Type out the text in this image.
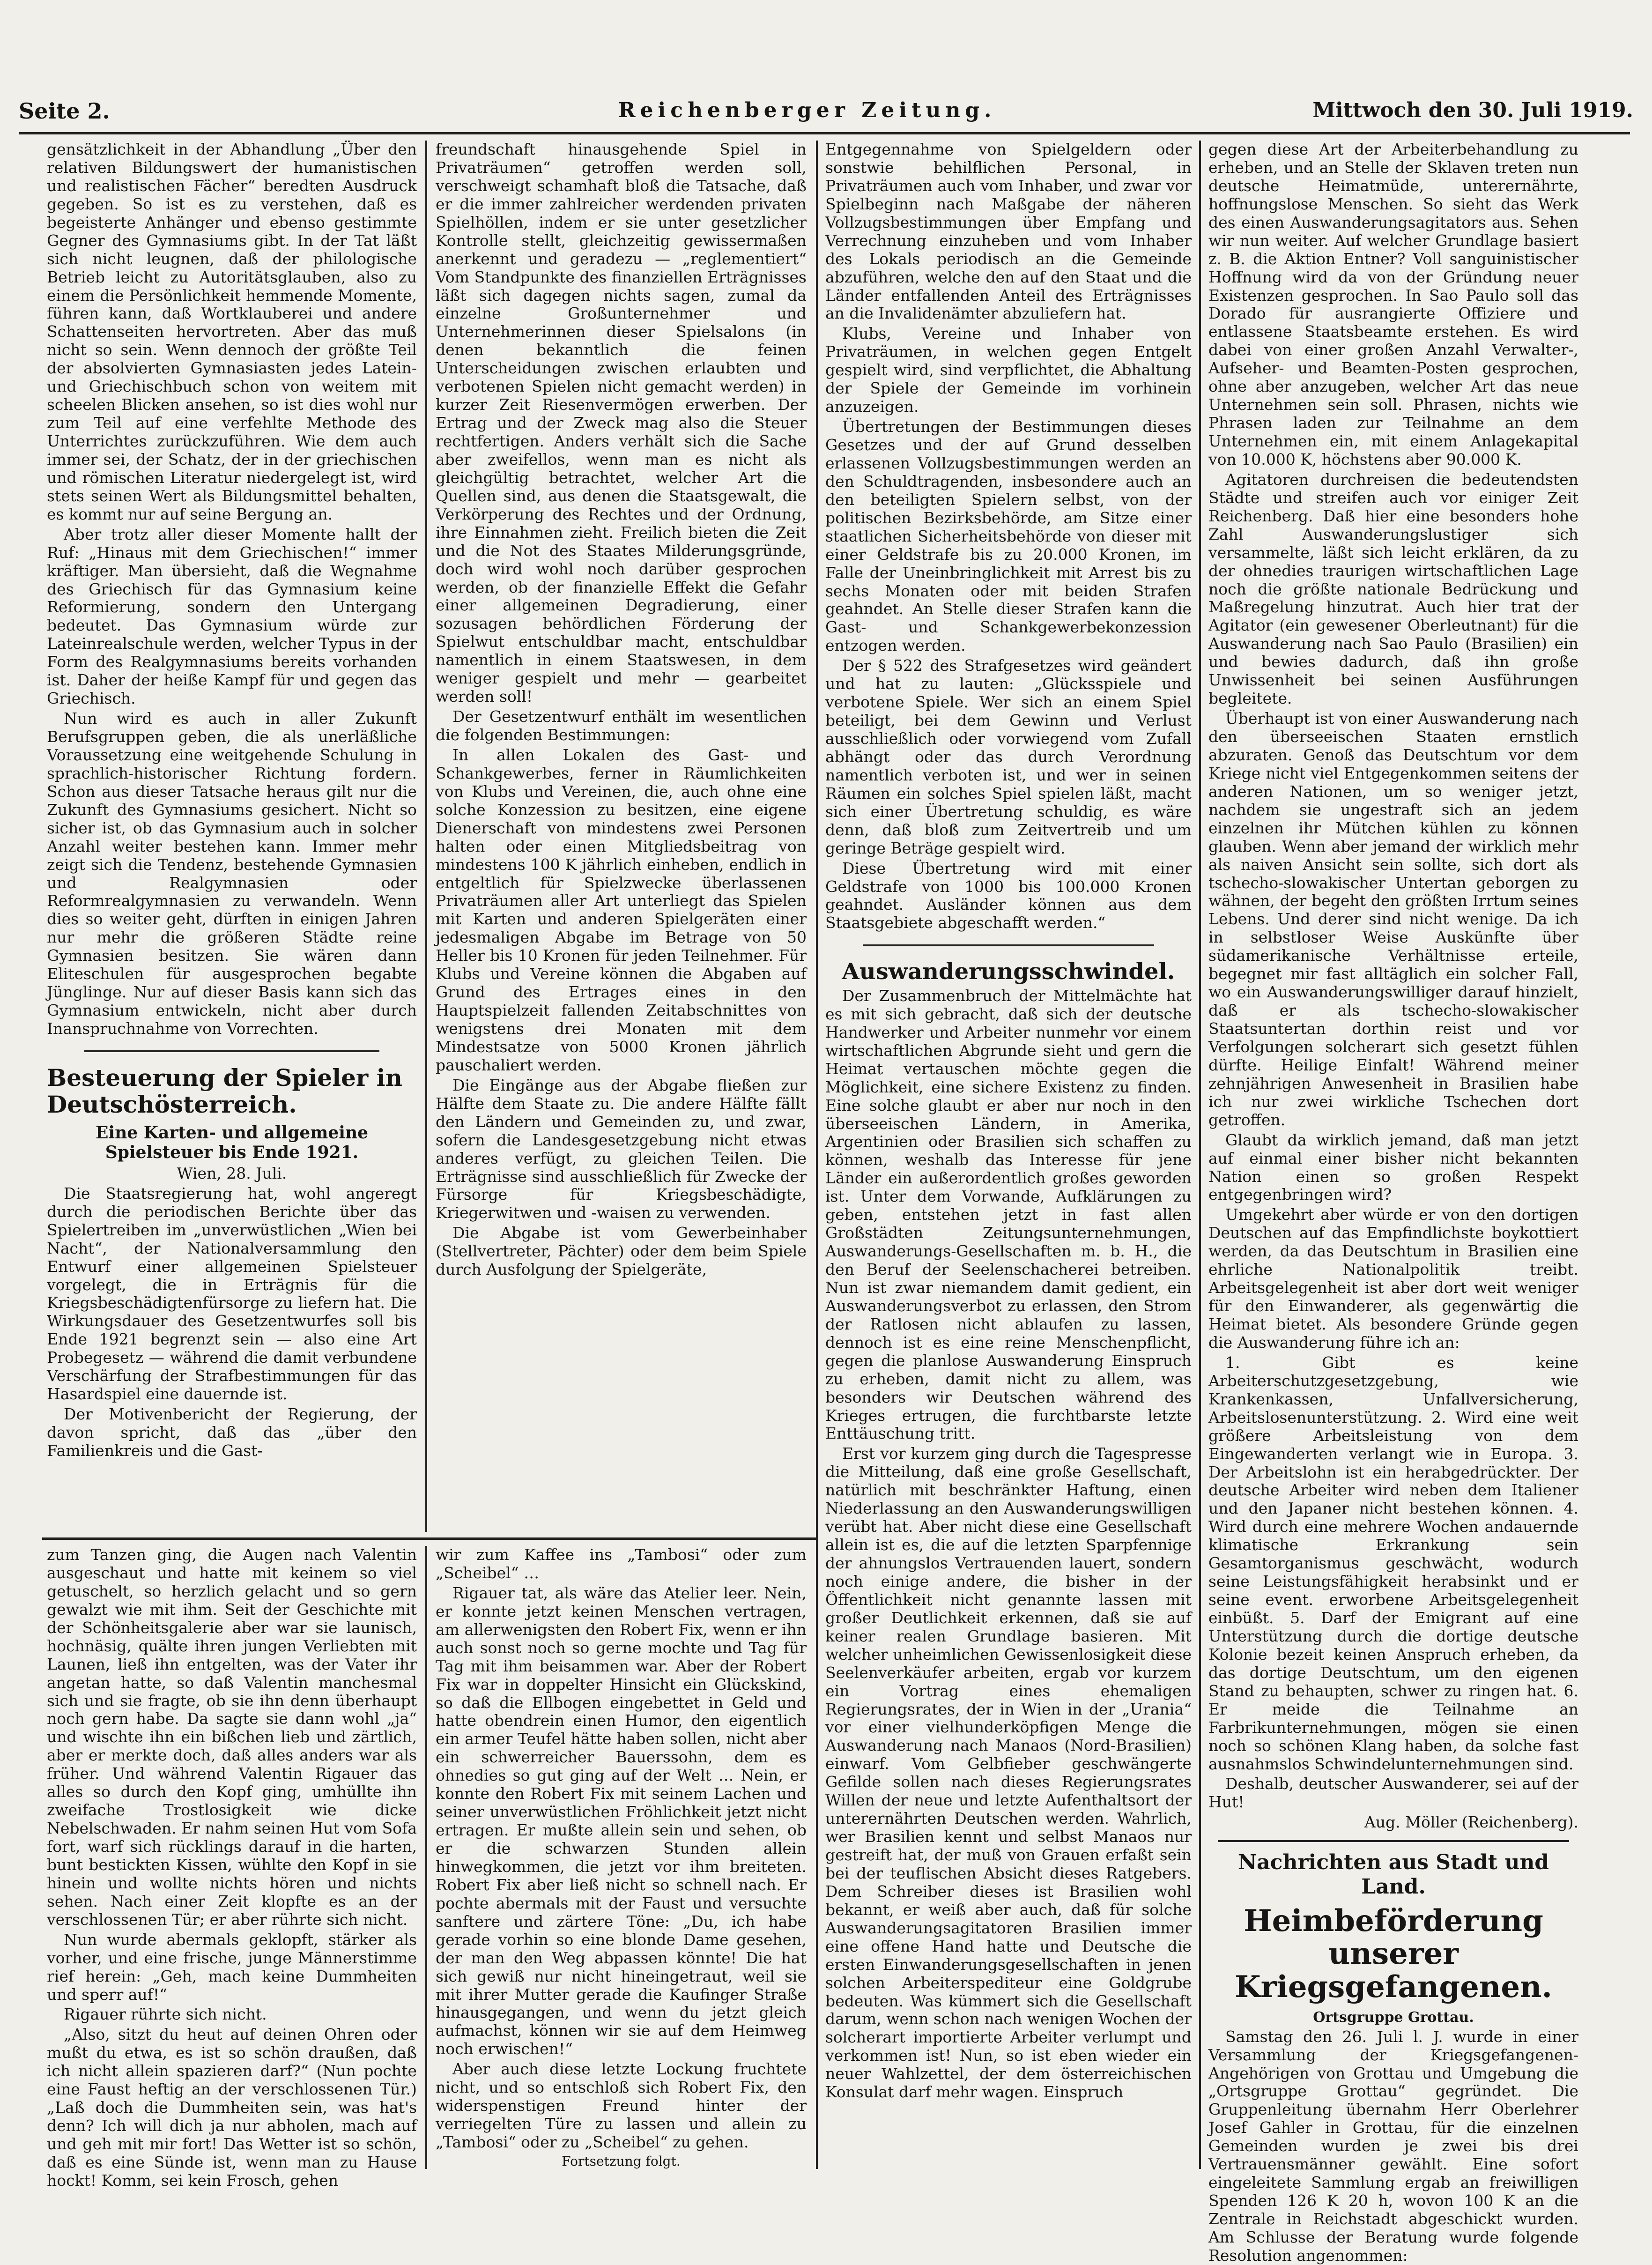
Seite 2.	Reichenberger Zeitung.	Mittwoch den 30. Juli 1919.

gensätzlichkeit in der Abhandlung „Über den relativen Bildungswert der humanistischen und realistischen Fächer“ beredten Ausdruck gegeben. So ist es zu verstehen, daß es begeisterte Anhänger und ebenso gestimmte Gegner des Gymnasiums gibt. In der Tat läßt sich nicht leugnen, daß der philologische Betrieb leicht zu Autoritätsglauben, also zu einem die Persönlichkeit hemmende Momente, führen kann, daß Wortklauberei und andere Schattenseiten hervortreten. Aber das muß nicht so sein. Wenn dennoch der größte Teil der absolvierten Gymnasiasten jedes Latein- und Griechischbuch schon von weitem mit scheelen Blicken ansehen, so ist dies wohl nur zum Teil auf eine verfehlte Methode des Unterrichtes zurückzuführen. Wie dem auch immer sei, der Schatz, der in der griechischen und römischen Literatur niedergelegt ist, wird stets seinen Wert als Bildungsmittel behalten, es kommt nur auf seine Bergung an.

Aber trotz aller dieser Momente hallt der Ruf: „Hinaus mit dem Griechischen!“ immer kräftiger. Man übersieht, daß die Wegnahme des Griechisch für das Gymnasium keine Reformierung, sondern den Untergang bedeutet. Das Gymnasium würde zur Lateinrealschule werden, welcher Typus in der Form des Realgymnasiums bereits vorhanden ist. Daher der heiße Kampf für und gegen das Griechisch.

Nun wird es auch in aller Zukunft Berufsgruppen geben, die als unerläßliche Voraussetzung eine weitgehende Schulung in sprachlich-historischer Richtung fordern. Schon aus dieser Tatsache heraus gilt nur die Zukunft des Gymnasiums gesichert. Nicht so sicher ist, ob das Gymnasium auch in solcher Anzahl weiter bestehen kann. Immer mehr zeigt sich die Tendenz, bestehende Gymnasien und Realgymnasien oder Reformrealgymnasien zu verwandeln. Wenn dies so weiter geht, dürften in einigen Jahren nur mehr die größeren Städte reine Gymnasien besitzen. Sie wären dann Eliteschulen für ausgesprochen begabte Jünglinge. Nur auf dieser Basis kann sich das Gymnasium entwickeln, nicht aber durch Inanspruchnahme von Vorrechten.

Besteuerung der Spieler in Deutschösterreich.

Eine Karten- und allgemeine Spielsteuer bis Ende 1921.

Wien, 28. Juli.

Die Staatsregierung hat, wohl angeregt durch die periodischen Berichte über das Spielertreiben im „unverwüstlichen „Wien bei Nacht“, der Nationalversammlung den Entwurf einer allgemeinen Spielsteuer vorgelegt, die in Erträgnis für die Kriegsbeschädigtenfürsorge zu liefern hat. Die Wirkungsdauer des Gesetzentwurfes soll bis Ende 1921 begrenzt sein — also eine Art Probegesetz — während die damit verbundene Verschärfung der Strafbestimmungen für das Hasardspiel eine dauernde ist.

Der Motivenbericht der Regierung, der davon spricht, daß das „über den Familienkreis und die Gast-

freundschaft hinausgehende Spiel in Privaträumen“ getroffen werden soll, verschweigt schamhaft bloß die Tatsache, daß er die immer zahlreicher werdenden privaten Spielhöllen, indem er sie unter gesetzlicher Kontrolle stellt, gleichzeitig gewissermaßen anerkennt und geradezu — „reglementiert“ Vom Standpunkte des finanziellen Erträgnisses läßt sich dagegen nichts sagen, zumal da einzelne Großunternehmer und Unternehmerinnen dieser Spielsalons (in denen bekanntlich die feinen Unterscheidungen zwischen erlaubten und verbotenen Spielen nicht gemacht werden) in kurzer Zeit Riesenvermögen erwerben. Der Ertrag und der Zweck mag also die Steuer rechtfertigen. Anders verhält sich die Sache aber zweifellos, wenn man es nicht als gleichgültig betrachtet, welcher Art die Quellen sind, aus denen die Staatsgewalt, die Verkörperung des Rechtes und der Ordnung, ihre Einnahmen zieht. Freilich bieten die Zeit und die Not des Staates Milderungsgründe, doch wird wohl noch darüber gesprochen werden, ob der finanzielle Effekt die Gefahr einer allgemeinen Degradierung, einer sozusagen behördlichen Förderung der Spielwut entschuldbar macht, entschuldbar namentlich in einem Staatswesen, in dem weniger gespielt und mehr — gearbeitet werden soll!

Der Gesetzentwurf enthält im wesentlichen die folgenden Bestimmungen:

In allen Lokalen des Gast- und Schankgewerbes, ferner in Räumlichkeiten von Klubs und Vereinen, die, auch ohne eine solche Konzession zu besitzen, eine eigene Dienerschaft von mindestens zwei Personen halten oder einen Mitgliedsbeitrag von mindestens 100 K jährlich einheben, endlich in entgeltlich für Spielzwecke überlassenen Privaträumen aller Art unterliegt das Spielen mit Karten und anderen Spielgeräten einer jedesmaligen Abgabe im Betrage von 50 Heller bis 10 Kronen für jeden Teilnehmer. Für Klubs und Vereine können die Abgaben auf Grund des Ertrages eines in den Hauptspielzeit fallenden Zeitabschnittes von wenigstens drei Monaten mit dem Mindestsatze von 5000 Kronen jährlich pauschaliert werden.

Die Eingänge aus der Abgabe fließen zur Hälfte dem Staate zu. Die andere Hälfte fällt den Ländern und Gemeinden zu, und zwar, sofern die Landesgesetzgebung nicht etwas anderes verfügt, zu gleichen Teilen. Die Erträgnisse sind ausschließlich für Zwecke der Fürsorge für Kriegsbeschädigte, Kriegerwitwen und -waisen zu verwenden.

Die Abgabe ist vom Gewerbeinhaber (Stellvertreter, Pächter) oder dem beim Spiele durch Ausfolgung der Spielgeräte,

Entgegennahme von Spielgeldern oder sonstwie behilflichen Personal, in Privaträumen auch vom Inhaber, und zwar vor Spielbeginn nach Maßgabe der näheren Vollzugsbestimmungen über Empfang und Verrechnung einzuheben und vom Inhaber des Lokals periodisch an die Gemeinde abzuführen, welche den auf den Staat und die Länder entfallenden Anteil des Erträgnisses an die Invalidenämter abzuliefern hat.

Klubs, Vereine und Inhaber von Privaträumen, in welchen gegen Entgelt gespielt wird, sind verpflichtet, die Abhaltung der Spiele der Gemeinde im vorhinein anzuzeigen.

Übertretungen der Bestimmungen dieses Gesetzes und der auf Grund desselben erlassenen Vollzugsbestimmungen werden an den Schuldtragenden, insbesondere auch an den beteiligten Spielern selbst, von der politischen Bezirksbehörde, am Sitze einer staatlichen Sicherheitsbehörde von dieser mit einer Geldstrafe bis zu 20.000 Kronen, im Falle der Uneinbringlichkeit mit Arrest bis zu sechs Monaten oder mit beiden Strafen geahndet. An Stelle dieser Strafen kann die Gast- und Schankgewerbekonzession entzogen werden.

Der § 522 des Strafgesetzes wird geändert und hat zu lauten: „Glücksspiele und verbotene Spiele. Wer sich an einem Spiel beteiligt, bei dem Gewinn und Verlust ausschließlich oder vorwiegend vom Zufall abhängt oder das durch Verordnung namentlich verboten ist, und wer in seinen Räumen ein solches Spiel spielen läßt, macht sich einer Übertretung schuldig, es wäre denn, daß bloß zum Zeitvertreib und um geringe Beträge gespielt wird.

Diese Übertretung wird mit einer Geldstrafe von 1000 bis 100.000 Kronen geahndet. Ausländer können aus dem Staatsgebiete abgeschafft werden.“

Auswanderungsschwindel.

Der Zusammenbruch der Mittelmächte hat es mit sich gebracht, daß sich der deutsche Handwerker und Arbeiter nunmehr vor einem wirtschaftlichen Abgrunde sieht und gern die Heimat vertauschen möchte gegen die Möglichkeit, eine sichere Existenz zu finden. Eine solche glaubt er aber nur noch in den überseeischen Ländern, in Amerika, Argentinien oder Brasilien sich schaffen zu können, weshalb das Interesse für jene Länder ein außerordentlich großes geworden ist. Unter dem Vorwande, Aufklärungen zu geben, entstehen jetzt in fast allen Großstädten Zeitungsunternehmungen, Auswanderungs-Gesellschaften m. b. H., die den Beruf der Seelenschacherei betreiben. Nun ist zwar niemandem damit gedient, ein Auswanderungsverbot zu erlassen, den Strom der Ratlosen nicht ablaufen zu lassen, dennoch ist es eine reine Menschenpflicht, gegen die planlose Auswanderung Einspruch zu erheben, damit nicht zu allem, was besonders wir Deutschen während des Krieges ertrugen, die furchtbarste letzte Enttäuschung tritt.

Erst vor kurzem ging durch die Tagespresse die Mitteilung, daß eine große Gesellschaft, natürlich mit beschränkter Haftung, einen Niederlassung an den Auswanderungswilligen verübt hat. Aber nicht diese eine Gesellschaft allein ist es, die auf die letzten Sparpfennige der ahnungslos Vertrauenden lauert, sondern noch einige andere, die bisher in der Öffentlichkeit nicht genannte lassen mit großer Deutlichkeit erkennen, daß sie auf keiner realen Grundlage basieren. Mit welcher unheimlichen Gewissenlosigkeit diese Seelenverkäufer arbeiten, ergab vor kurzem ein Vortrag eines ehemaligen Regierungsrates, der in Wien in der „Urania“ vor einer vielhunderköpfigen Menge die Auswanderung nach Manaos (Nord-Brasilien) einwarf. Vom Gelbfieber geschwängerte Gefilde sollen nach dieses Regierungsrates Willen der neue und letzte Aufenthaltsort der unterernährten Deutschen werden. Wahrlich, wer Brasilien kennt und selbst Manaos nur gestreift hat, der muß von Grauen erfaßt sein bei der teuflischen Absicht dieses Ratgebers. Dem Schreiber dieses ist Brasilien wohl bekannt, er weiß aber auch, daß für solche Auswanderungsagitatoren Brasilien immer eine offene Hand hatte und Deutsche die ersten Einwanderungsgesellschaften in jenen solchen Arbeiterspediteur eine Goldgrube bedeuten. Was kümmert sich die Gesellschaft darum, wenn schon nach wenigen Wochen der solcherart importierte Arbeiter verlumpt und verkommen ist! Nun, so ist eben wieder ein neuer Wahlzettel, der dem österreichischen Konsulat darf mehr wagen. Einspruch

gegen diese Art der Arbeiterbehandlung zu erheben, und an Stelle der Sklaven treten nun deutsche Heimatmüde, unterernährte, hoffnungslose Menschen. So sieht das Werk des einen Auswanderungsagitators aus. Sehen wir nun weiter. Auf welcher Grundlage basiert z. B. die Aktion Entner? Voll sanguinistischer Hoffnung wird da von der Gründung neuer Existenzen gesprochen. In Sao Paulo soll das Dorado für ausrangierte Offiziere und entlassene Staatsbeamte erstehen. Es wird dabei von einer großen Anzahl Verwalter-, Aufseher- und Beamten-Posten gesprochen, ohne aber anzugeben, welcher Art das neue Unternehmen sein soll. Phrasen, nichts wie Phrasen laden zur Teilnahme an dem Unternehmen ein, mit einem Anlagekapital von 10.000 K, höchstens aber 90.000 K.

Agitatoren durchreisen die bedeutendsten Städte und streifen auch vor einiger Zeit Reichenberg. Daß hier eine besonders hohe Zahl Auswanderungslustiger sich versammelte, läßt sich leicht erklären, da zu der ohnedies traurigen wirtschaftlichen Lage noch die größte nationale Bedrückung und Maßregelung hinzutrat. Auch hier trat der Agitator (ein gewesener Oberleutnant) für die Auswanderung nach Sao Paulo (Brasilien) ein und bewies dadurch, daß ihn große Unwissenheit bei seinen Ausführungen begleitete.

Überhaupt ist von einer Auswanderung nach den überseeischen Staaten ernstlich abzuraten. Genoß das Deutschtum vor dem Kriege nicht viel Entgegenkommen seitens der anderen Nationen, um so weniger jetzt, nachdem sie ungestraft sich an jedem einzelnen ihr Mütchen kühlen zu können glauben. Wenn aber jemand der wirklich mehr als naiven Ansicht sein sollte, sich dort als tschecho-slowakischer Untertan geborgen zu wähnen, der begeht den größten Irrtum seines Lebens. Und derer sind nicht wenige. Da ich in selbstloser Weise Auskünfte über südamerikanische Verhältnisse erteile, begegnet mir fast alltäglich ein solcher Fall, wo ein Auswanderungswilliger darauf hinzielt, daß er als tschecho-slowakischer Staatsuntertan dorthin reist und vor Verfolgungen solcherart sich gesetzt fühlen dürfte. Heilige Einfalt! Während meiner zehnjährigen Anwesenheit in Brasilien habe ich nur zwei wirkliche Tschechen dort getroffen.

Glaubt da wirklich jemand, daß man jetzt auf einmal einer bisher nicht bekannten Nation einen so großen Respekt entgegenbringen wird?

Umgekehrt aber würde er von den dortigen Deutschen auf das Empfindlichste boykottiert werden, da das Deutschtum in Brasilien eine ehrliche Nationalpolitik treibt. Arbeitsgelegenheit ist aber dort weit weniger für den Einwanderer, als gegenwärtig die Heimat bietet. Als besondere Gründe gegen die Auswanderung führe ich an:

1. Gibt es keine Arbeiterschutzgesetzgebung, wie Krankenkassen, Unfallversicherung, Arbeitslosenunterstützung. 2. Wird eine weit größere Arbeitsleistung von dem Eingewanderten verlangt wie in Europa. 3. Der Arbeitslohn ist ein herabgedrückter. Der deutsche Arbeiter wird neben dem Italiener und den Japaner nicht bestehen können. 4. Wird durch eine mehrere Wochen andauernde klimatische Erkrankung sein Gesamtorganismus geschwächt, wodurch seine Leistungsfähigkeit herabsinkt und er seine event. erworbene Arbeitsgelegenheit einbüßt. 5. Darf der Emigrant auf eine Unterstützung durch die dortige deutsche Kolonie bezeit keinen Anspruch erheben, da das dortige Deutschtum, um den eigenen Stand zu behaupten, schwer zu ringen hat. 6. Er meide die Teilnahme an Farbrikunternehmungen, mögen sie einen noch so schönen Klang haben, da solche fast ausnahmslos Schwindelunternehmungen sind.

Deshalb, deutscher Auswanderer, sei auf der Hut!

Aug. Möller (Reichenberg).

Nachrichten aus Stadt und Land.

Heimbeförderung unserer Kriegsgefangenen.

Ortsgruppe Grottau.

Samstag den 26. Juli l. J. wurde in einer Versammlung der Kriegsgefangenen-Angehörigen von Grottau und Umgebung die „Ortsgruppe Grottau“ gegründet. Die Gruppenleitung übernahm Herr Oberlehrer Josef Gahler in Grottau, für die einzelnen Gemeinden wurden je zwei bis drei Vertrauensmänner gewählt. Eine sofort eingeleitete Sammlung ergab an freiwilligen Spenden 126 K 20 h, wovon 100 K an die Zentrale in Reichstadt abgeschickt wurden. Am Schlusse der Beratung wurde folgende Resolution angenommen:

zum Tanzen ging, die Augen nach Valentin ausgeschaut und hatte mit keinem so viel getuschelt, so herzlich gelacht und so gern gewalzt wie mit ihm. Seit der Geschichte mit der Schönheitsgalerie aber war sie launisch, hochnäsig, quälte ihren jungen Verliebten mit Launen, ließ ihn entgelten, was der Vater ihr angetan hatte, so daß Valentin manchesmal sich und sie fragte, ob sie ihn denn überhaupt noch gern habe. Da sagte sie dann wohl „ja“ und wischte ihn ein bißchen lieb und zärtlich, aber er merkte doch, daß alles anders war als früher. Und während Valentin Rigauer das alles so durch den Kopf ging, umhüllte ihn zweifache Trostlosigkeit wie dicke Nebelschwaden. Er nahm seinen Hut vom Sofa fort, warf sich rücklings darauf in die harten, bunt bestickten Kissen, wühlte den Kopf in sie hinein und wollte nichts hören und nichts sehen. Nach einer Zeit klopfte es an der verschlossenen Tür; er aber rührte sich nicht.

Nun wurde abermals geklopft, stärker als vorher, und eine frische, junge Männerstimme rief herein: „Geh, mach keine Dummheiten und sperr auf!“

Rigauer rührte sich nicht.

„Also, sitzt du heut auf deinen Ohren oder mußt du etwa, es ist so schön draußen, daß ich nicht allein spazieren darf?“ (Nun pochte eine Faust heftig an der verschlossenen Tür.) „Laß doch die Dummheiten sein, was hat's denn? Ich will dich ja nur abholen, mach auf und geh mit mir fort! Das Wetter ist so schön, daß es eine Sünde ist, wenn man zu Hause hockt! Komm, sei kein Frosch, gehen

wir zum Kaffee ins „Tambosi“ oder zum „Scheibel“ …

Rigauer tat, als wäre das Atelier leer. Nein, er konnte jetzt keinen Menschen vertragen, am allerwenigsten den Robert Fix, wenn er ihn auch sonst noch so gerne mochte und Tag für Tag mit ihm beisammen war. Aber der Robert Fix war in doppelter Hinsicht ein Glückskind, so daß die Ellbogen eingebettet in Geld und hatte obendrein einen Humor, den eigentlich ein armer Teufel hätte haben sollen, nicht aber ein schwerreicher Bauerssohn, dem es ohnedies so gut ging auf der Welt … Nein, er konnte den Robert Fix mit seinem Lachen und seiner unverwüstlichen Fröhlichkeit jetzt nicht ertragen. Er mußte allein sein und sehen, ob er die schwarzen Stunden allein hinwegkommen, die jetzt vor ihm breiteten. Robert Fix aber ließ nicht so schnell nach. Er pochte abermals mit der Faust und versuchte sanftere und zärtere Töne: „Du, ich habe gerade vorhin so eine blonde Dame gesehen, der man den Weg abpassen könnte! Die hat sich gewiß nur nicht hineingetraut, weil sie mit ihrer Mutter gerade die Kaufinger Straße hinausgegangen, und wenn du jetzt gleich aufmachst, können wir sie auf dem Heimweg noch erwischen!“

Aber auch diese letzte Lockung fruchtete nicht, und so entschloß sich Robert Fix, den widerspenstigen Freund hinter der verriegelten Türe zu lassen und allein zu „Tambosi“ oder zu „Scheibel“ zu gehen.

Fortsetzung folgt.
